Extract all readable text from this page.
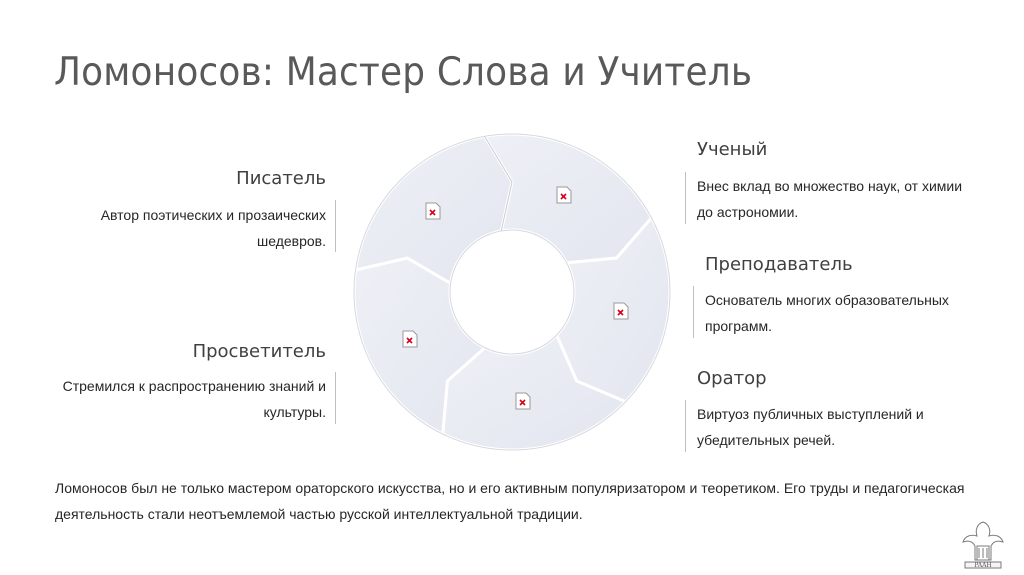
Ломоносов: Мастер Слова и Учитель
Писатель
Автор поэтических и прозаических шедевров.
Просветитель
Стремился к распространению знаний и культуры.
Ученый
Внес вклад во множество наук, от химии до астрономии.
Преподаватель
Основатель многих образовательных программ.
Оратор
Виртуоз публичных выступлений и убедительных речей.
Ломоносов был не только мастером ораторского искусства, но и его активным популяризатором и теоретиком. Его труды и педагогическая деятельность стали неотъемлемой частью русской интеллектуальной традиции.
PAAH
